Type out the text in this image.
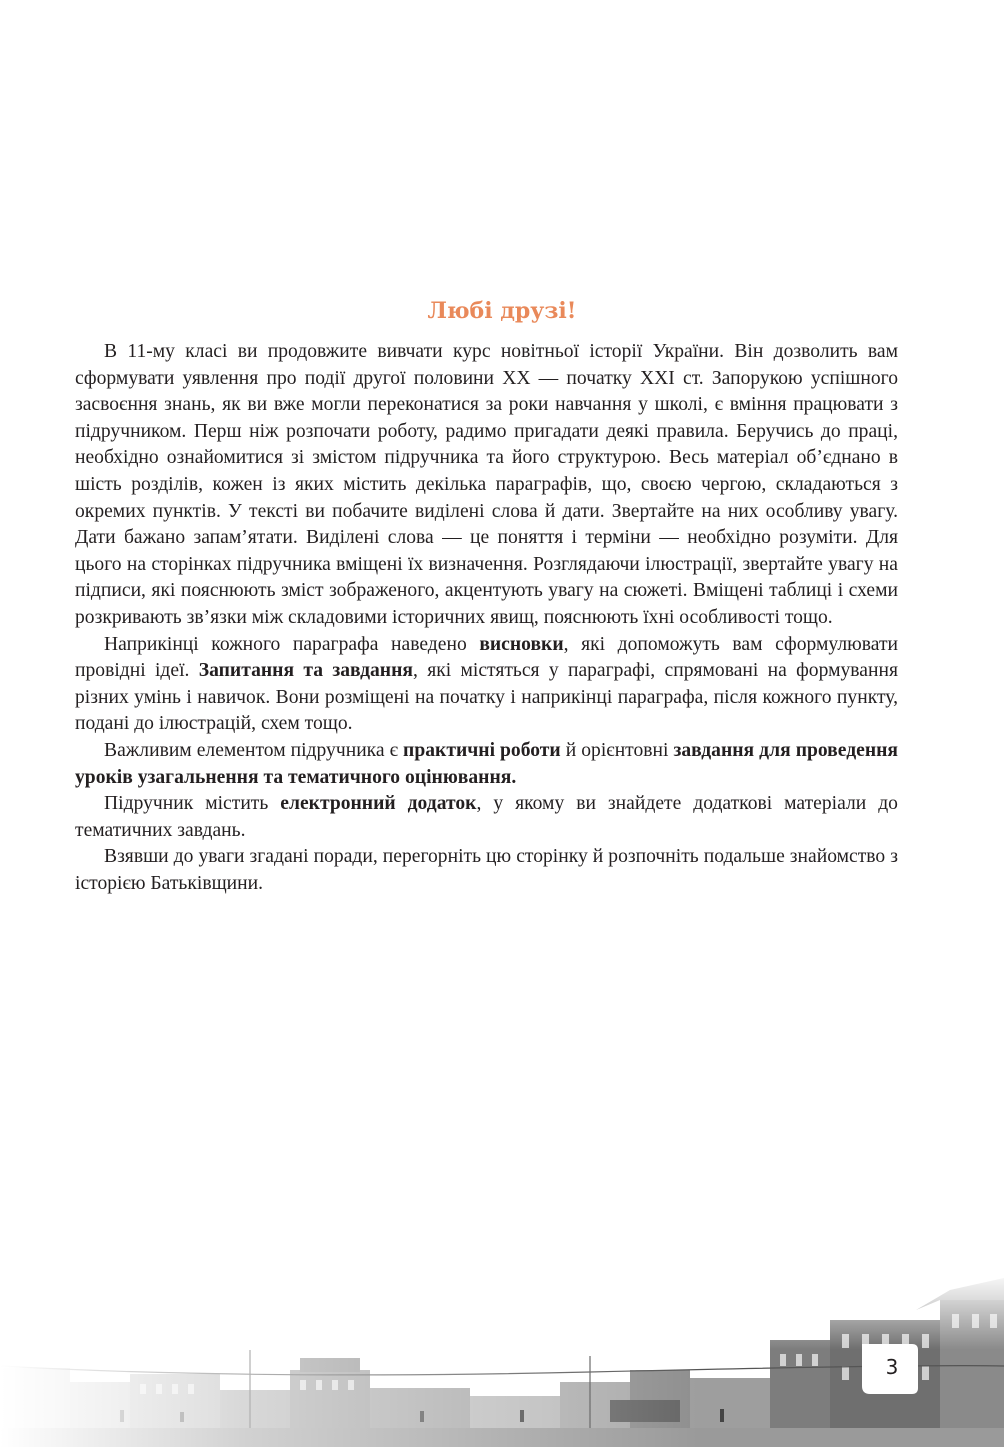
Любі друзі!

В 11-му класі ви продовжите вивчати курс новітньої історії України. Він дозволить вам сформувати уявлення про події другої половини XX — початку XXI ст. Запорукою успішного засвоєння знань, як ви вже могли переконатися за роки навчання у школі, є вміння працювати з підручником. Перш ніж розпочати роботу, радимо пригадати деякі правила. Беручись до праці, необхідно ознайомитися зі змістом підручника та його структурою. Весь матеріал об’єднано в шість розділів, кожен із яких містить декілька параграфів, що, своєю чергою, складаються з окремих пунктів. У тексті ви побачите виділені слова й дати. Звертайте на них особливу увагу. Дати бажано запам’ятати. Виділені слова — це поняття і терміни — необхідно розуміти. Для цього на сторінках підручника вміщені їх визначення. Розглядаючи ілюстрації, звертайте увагу на підписи, які пояснюють зміст зображеного, акцентують увагу на сюжеті. Вміщені таблиці і схеми розкривають зв’язки між складовими історичних явищ, пояснюють їхні особливості тощо.

Наприкінці кожного параграфа наведено висновки, які допоможуть вам сформулювати провідні ідеї. Запитання та завдання, які містяться у параграфі, спрямовані на формування різних умінь і навичок. Вони розміщені на початку і наприкінці параграфа, після кожного пункту, подані до ілюстрацій, схем тощо.

Важливим елементом підручника є практичні роботи й орієнтовні завдання для проведення уроків узагальнення та тематичного оцінювання.

Підручник містить електронний додаток, у якому ви знайдете додаткові матеріали до тематичних завдань.

Взявши до уваги згадані поради, перегорніть цю сторінку й розпочніть подальше знайомство з історією Батьківщини.

3
